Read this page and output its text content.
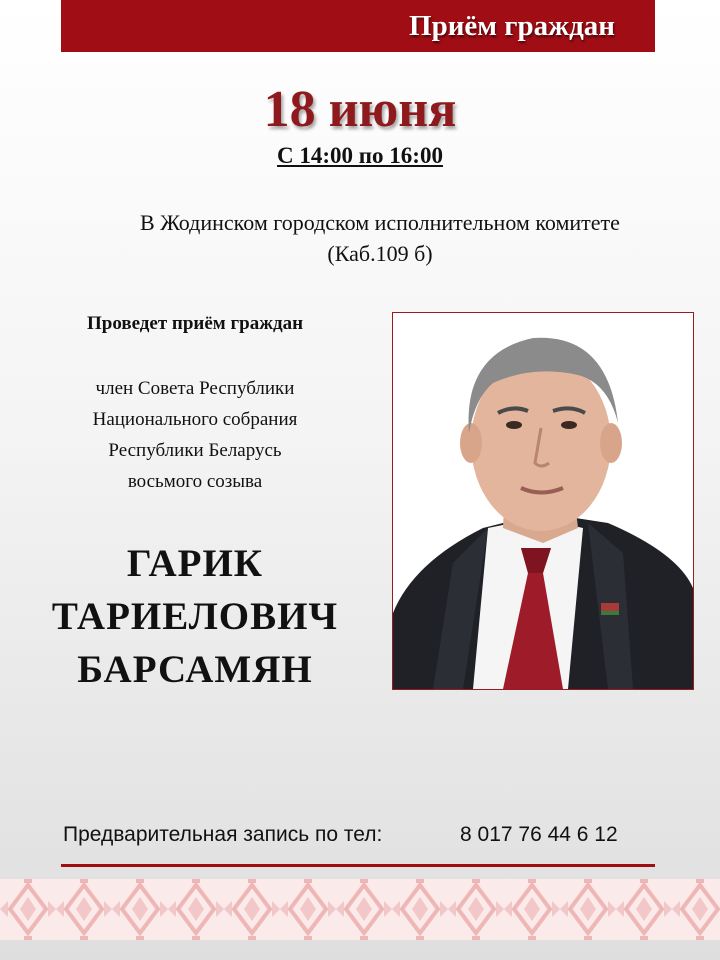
Приём граждан
18 июня
С 14:00 по 16:00
В Жодинском городском исполнительном комитете
(Каб.109 б)
Проведет приём граждан
член Совета Республики
Национального собрания
Республики Беларусь
восьмого созыва
ГАРИК
ТАРИЕЛОВИЧ
БАРСАМЯН
Предварительная запись по тел:	8 017 76 44 6 12
